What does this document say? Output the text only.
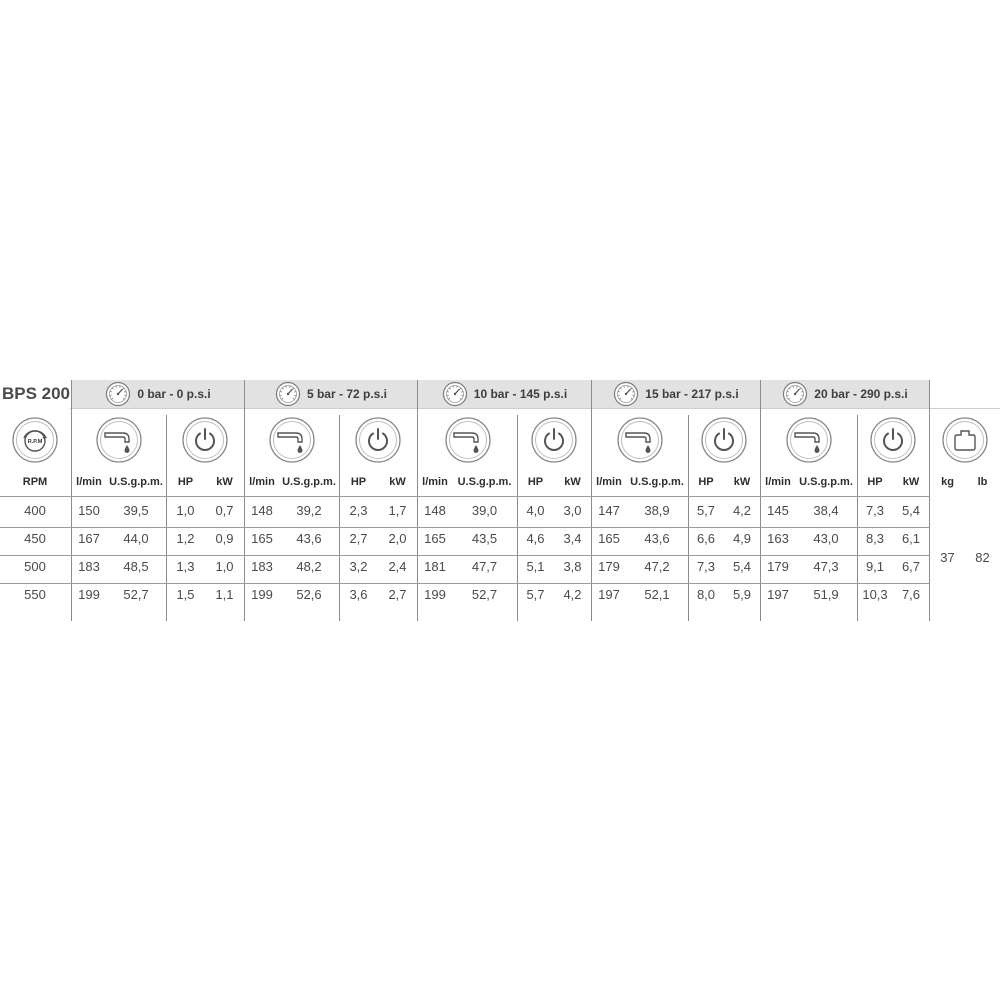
BPS 200	0 bar - 0 p.s.i	5 bar - 72 p.s.i	10 bar - 145 p.s.i	15 bar - 217 p.s.i	20 bar - 290 p.s.i
R.P.M
RPM	l/min U.S.g.p.m.	HP	kW	l/min U.S.g.p.m.	HP	kW	l/min U.S.g.p.m.	HP	kW	l/min U.S.g.p.m.	HP	kW	l/min U.S.g.p.m.	HP	kW	kg	lb
400	150	39,5	1,0	0,7	148	39,2	2,3	1,7	148	39,0	4,0	3,0	147	38,9	5,7	4,2	145	38,4	7,3	5,4
450	167	44,0	1,2	0,9	165	43,6	2,7	2,0	165	43,5	4,6	3,4	165	43,6	6,6	4,9	163	43,0	8,3	6,1
500	183	48,5	1,3	1,0	183	48,2	3,2	2,4	181	47,7	5,1	3,8	179	47,2	7,3	5,4	179	47,3	9,1	6,7
550	199	52,7	1,5	1,1	199	52,6	3,6	2,7	199	52,7	5,7	4,2	197	52,1	8,0	5,9	197	51,9	10,3	7,6
37	82
